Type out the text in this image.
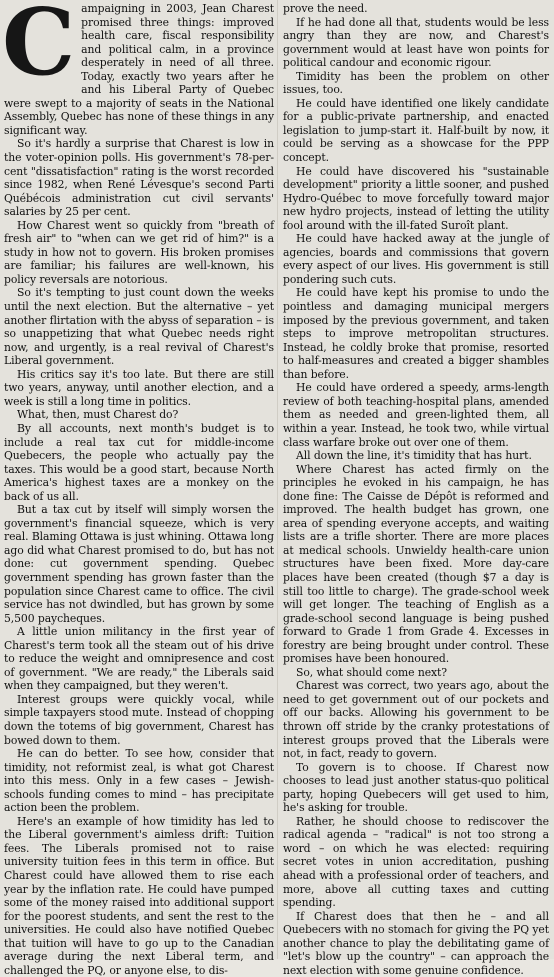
C ampaigning in 2003, Jean Charest promised three things: improved health care, fiscal responsibility and political calm, in a province desperately in need of all three. Today, exactly two years after he and his Liberal Party of Quebec were swept to a majority of seats in the National Assembly, Quebec has none of these things in any significant way.

So it's hardly a surprise that Charest is low in the voter-opinion polls. His government's 78-per-cent "dissatisfaction" rating is the worst recorded since 1982, when René Lévesque's second Parti Québécois administration cut civil servants' salaries by 25 per cent.

How Charest went so quickly from "breath of fresh air" to "when can we get rid of him?" is a study in how not to govern. His broken promises are familiar; his failures are well-known, his policy reversals are notorious.

So it's tempting to just count down the weeks until the next election. But the alternative – yet another flirtation with the abyss of separation – is so unappetizing that what Quebec needs right now, and urgently, is a real revival of Charest's Liberal government.

His critics say it's too late. But there are still two years, anyway, until another election, and a week is still a long time in politics.

What, then, must Charest do?

By all accounts, next month's budget is to include a real tax cut for middle-income Quebecers, the people who actually pay the taxes. This would be a good start, because North America's highest taxes are a monkey on the back of us all.

But a tax cut by itself will simply worsen the government's financial squeeze, which is very real. Blaming Ottawa is just whining. Ottawa long ago did what Charest promised to do, but has not done: cut government spending. Quebec government spending has grown faster than the population since Charest came to office. The civil service has not dwindled, but has grown by some 5,500 paycheques.

A little union militancy in the first year of Charest's term took all the steam out of his drive to reduce the weight and omnipresence and cost of government. "We are ready," the Liberals said when they campaigned, but they weren't.

Interest groups were quickly vocal, while simple taxpayers stood mute. Instead of chopping down the totems of big government, Charest has bowed down to them.

He can do better. To see how, consider that timidity, not reformist zeal, is what got Charest into this mess. Only in a few cases – Jewish-schools funding comes to mind – has precipitate action been the problem.

Here's an example of how timidity has led to the Liberal government's aimless drift: Tuition fees. The Liberals promised not to raise university tuition fees in this term in office. But Charest could have allowed them to rise each year by the inflation rate. He could have pumped some of the money raised into additional support for the poorest students, and sent the rest to the universities. He could also have notified Quebec that tuition will have to go up to the Canadian average during the next Liberal term, and challenged the PQ, or anyone else, to dis-

prove the need.

If he had done all that, students would be less angry than they are now, and Charest's government would at least have won points for political candour and economic rigour.

Timidity has been the problem on other issues, too.

He could have identified one likely candidate for a public-private partnership, and enacted legislation to jump-start it. Half-built by now, it could be serving as a showcase for the PPP concept.

He could have discovered his "sustainable development" priority a little sooner, and pushed Hydro-Québec to move forcefully toward major new hydro projects, instead of letting the utility fool around with the ill-fated Suroît plant.

He could have hacked away at the jungle of agencies, boards and commissions that govern every aspect of our lives. His government is still pondering such cuts.

He could have kept his promise to undo the pointless and damaging municipal mergers imposed by the previous government, and taken steps to improve metropolitan structures. Instead, he coldly broke that promise, resorted to half-measures and created a bigger shambles than before.

He could have ordered a speedy, arms-length review of both teaching-hospital plans, amended them as needed and green-lighted them, all within a year. Instead, he took two, while virtual class warfare broke out over one of them.

All down the line, it's timidity that has hurt.

Where Charest has acted firmly on the principles he evoked in his campaign, he has done fine: The Caisse de Dépôt is reformed and improved. The health budget has grown, one area of spending everyone accepts, and waiting lists are a trifle shorter. There are more places at medical schools. Unwieldy health-care union structures have been fixed. More day-care places have been created (though $7 a day is still too little to charge). The grade-school week will get longer. The teaching of English as a grade-school second language is being pushed forward to Grade 1 from Grade 4. Excesses in forestry are being brought under control. These promises have been honoured.

So, what should come next?

Charest was correct, two years ago, about the need to get government out of our pockets and off our backs. Allowing his government to be thrown off stride by the cranky protestations of interest groups proved that the Liberals were not, in fact, ready to govern.

To govern is to choose. If Charest now chooses to lead just another status-quo political party, hoping Quebecers will get used to him, he's asking for trouble.

Rather, he should choose to rediscover the radical agenda – "radical" is not too strong a word – on which he was elected: requiring secret votes in union accreditation, pushing ahead with a professional order of teachers, and more, above all cutting taxes and cutting spending.

If Charest does that then he – and all Quebecers with no stomach for giving the PQ yet another chance to play the debilitating game of "let's blow up the country" – can approach the next election with some genuine confidence.
